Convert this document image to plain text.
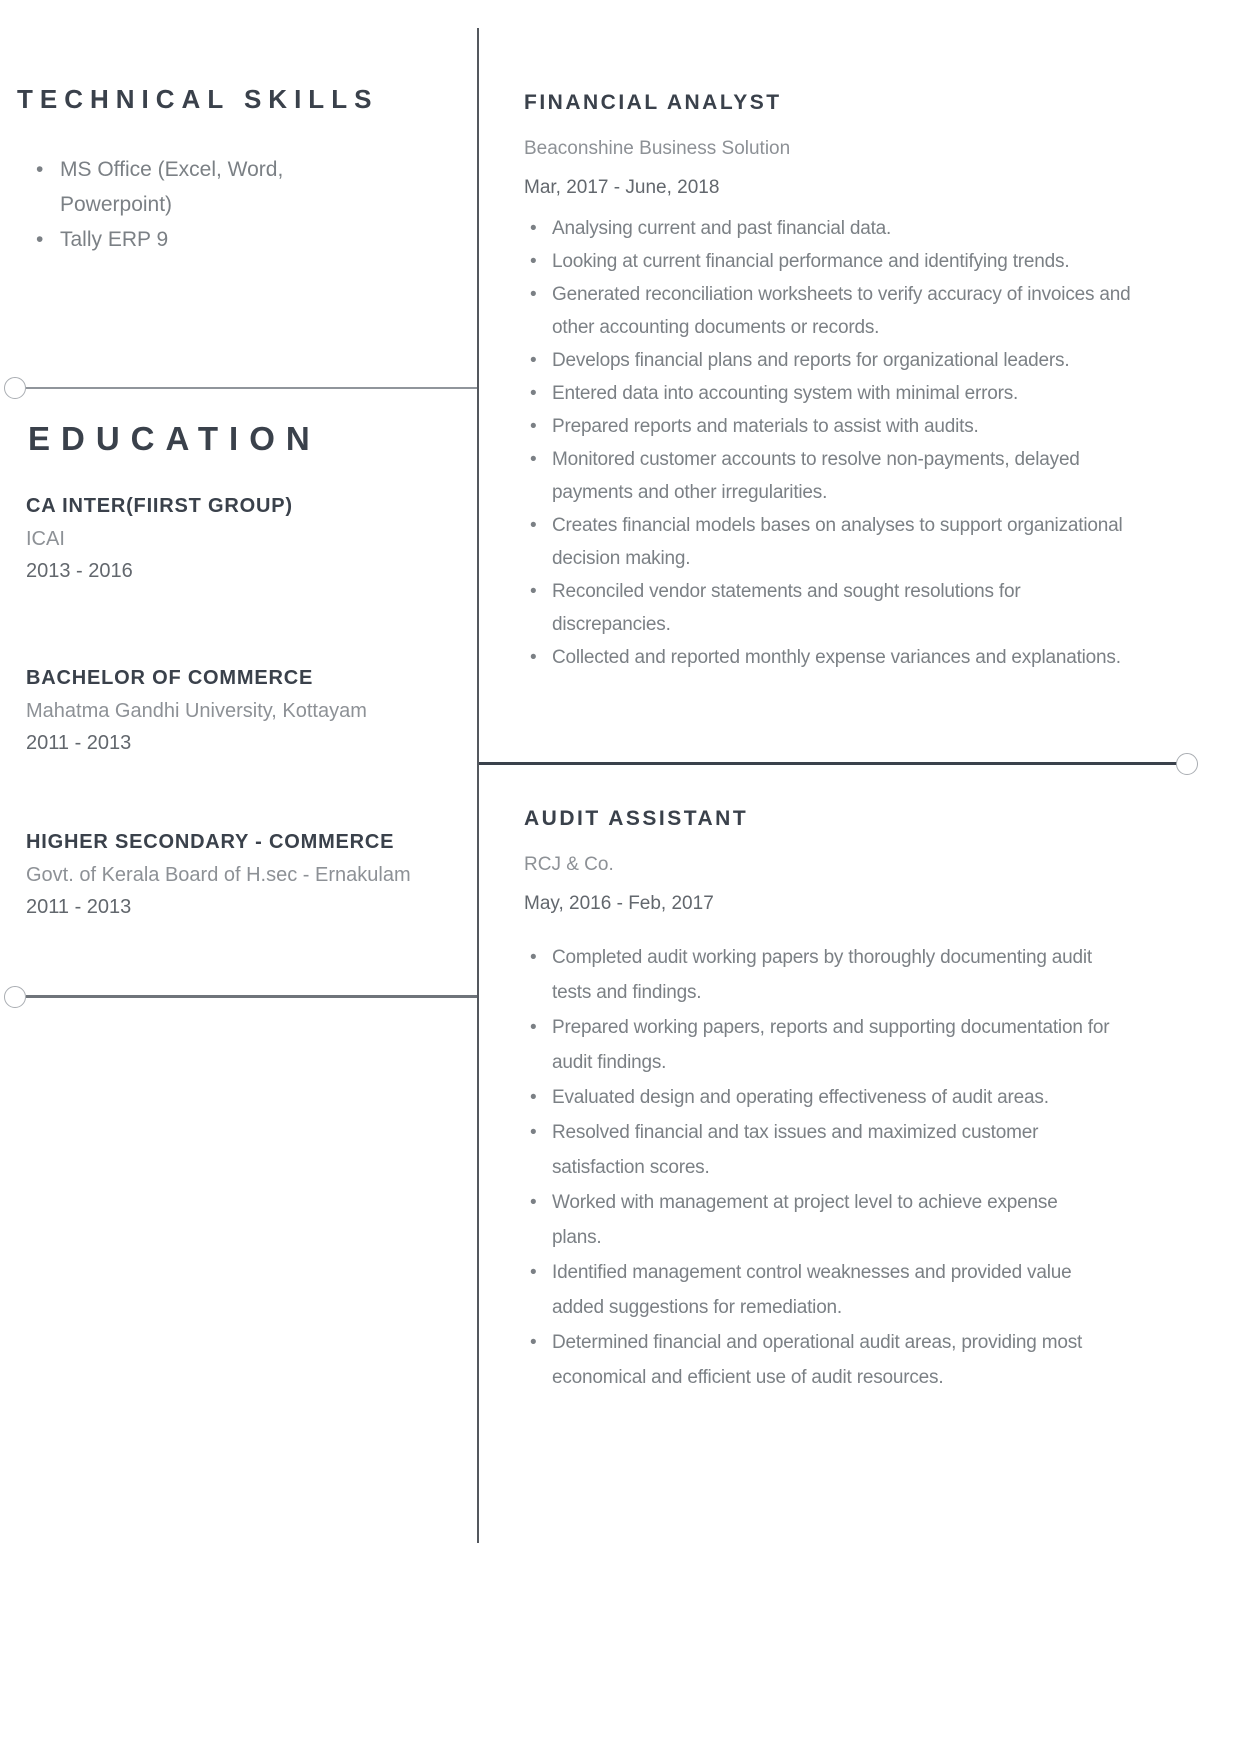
TECHNICAL SKILLS
• MS Office (Excel, Word, Powerpoint)
• Tally ERP 9
EDUCATION
CA INTER(FIIRST GROUP)
ICAI
2013 - 2016
BACHELOR OF COMMERCE
Mahatma Gandhi University, Kottayam
2011 - 2013
HIGHER SECONDARY - COMMERCE
Govt. of Kerala Board of H.sec - Ernakulam
2011 - 2013
FINANCIAL ANALYST
Beaconshine Business Solution
Mar, 2017 - June, 2018
• Analysing current and past financial data.
• Looking at current financial performance and identifying trends.
• Generated reconciliation worksheets to verify accuracy of invoices and other accounting documents or records.
• Develops financial plans and reports for organizational leaders.
• Entered data into accounting system with minimal errors.
• Prepared reports and materials to assist with audits.
• Monitored customer accounts to resolve non-payments, delayed payments and other irregularities.
• Creates financial models bases on analyses to support organizational decision making.
• Reconciled vendor statements and sought resolutions for discrepancies.
• Collected and reported monthly expense variances and explanations.
AUDIT ASSISTANT
RCJ & Co.
May, 2016 - Feb, 2017
• Completed audit working papers by thoroughly documenting audit tests and findings.
• Prepared working papers, reports and supporting documentation for audit findings.
• Evaluated design and operating effectiveness of audit areas.
• Resolved financial and tax issues and maximized customer satisfaction scores.
• Worked with management at project level to achieve expense plans.
• Identified management control weaknesses and provided value added suggestions for remediation.
• Determined financial and operational audit areas, providing most economical and efficient use of audit resources.
